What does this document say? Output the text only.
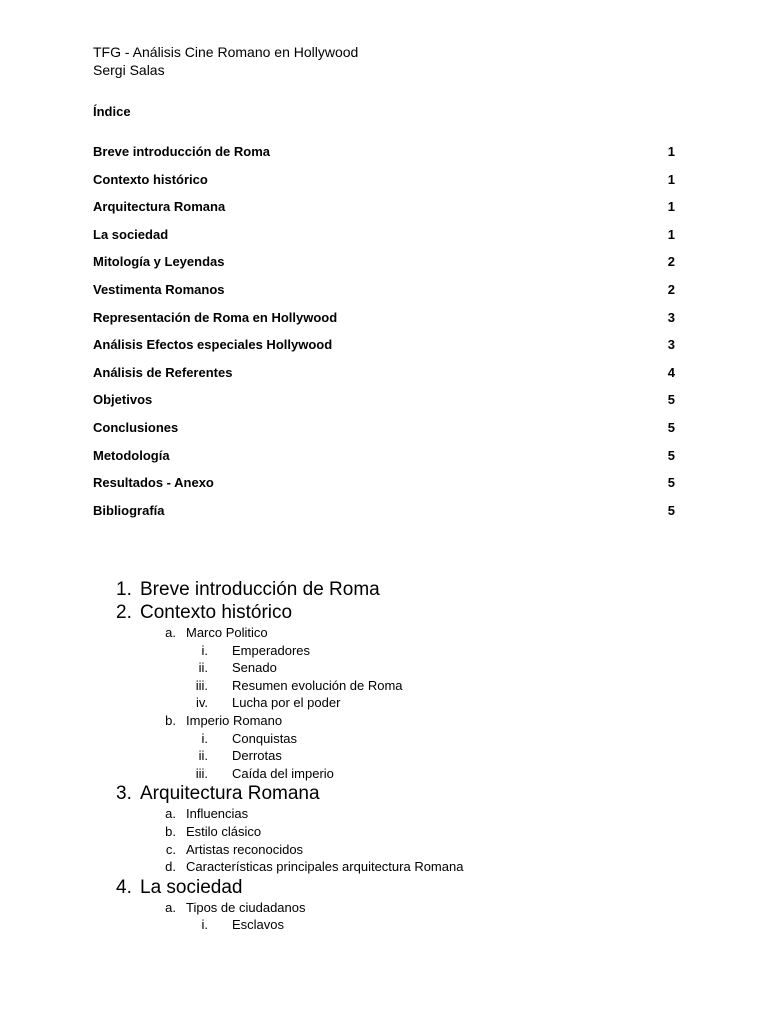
TFG - Análisis Cine Romano en Hollywood
Sergi Salas
Índice
Breve introducción de Roma	1
Contexto histórico	1
Arquitectura Romana	1
La sociedad	1
Mitología y Leyendas	2
Vestimenta Romanos	2
Representación de Roma en Hollywood	3
Análisis Efectos especiales Hollywood	3
Análisis de Referentes	4
Objetivos	5
Conclusiones	5
Metodología	5
Resultados - Anexo	5
Bibliografía	5
1. Breve introducción de Roma
2. Contexto histórico
a. Marco Politico
i. Emperadores
ii. Senado
iii. Resumen evolución de Roma
iv. Lucha por el poder
b. Imperio Romano
i. Conquistas
ii. Derrotas
iii. Caída del imperio
3. Arquitectura Romana
a. Influencias
b. Estilo clásico
c. Artistas reconocidos
d. Características principales arquitectura Romana
4. La sociedad
a. Tipos de ciudadanos
i. Esclavos
